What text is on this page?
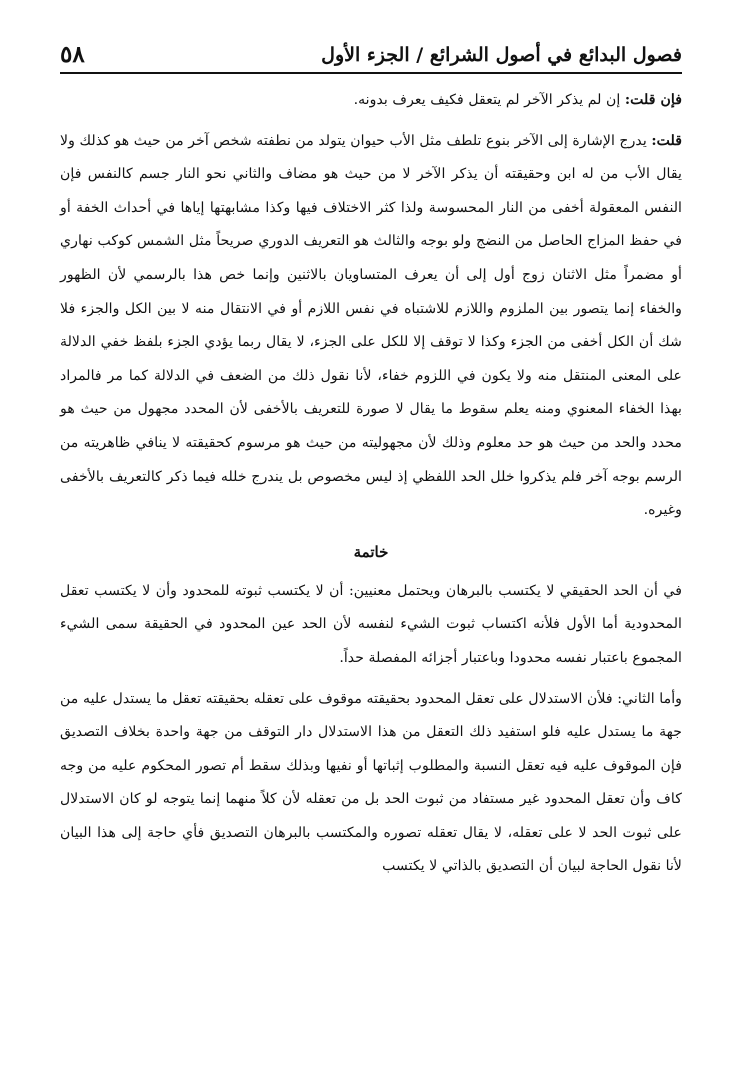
فصول البدائع في أصول الشرائع / الجزء الأول
٥٨

فإن قلت: إن لم يذكر الآخر لم يتعقل فكيف يعرف بدونه.

قلت: يدرج الإشارة إلى الآخر بنوع تلطف مثل الأب حيوان يتولد من نطفته شخص آخر من حيث هو كذلك ولا يقال الأب من له ابن وحقيقته أن يذكر الآخر لا من حيث هو مضاف والثاني نحو النار جسم كالنفس فإن النفس المعقولة أخفى من النار المحسوسة ولذا كثر الاختلاف فيها وكذا مشابهتها إياها في أحداث الخفة أو في حفظ المزاج الحاصل من النضج ولو بوجه والثالث هو التعريف الدوري صريحاً مثل الشمس كوكب نهاري أو مضمراً مثل الاثنان زوج أول إلى أن يعرف المتساويان بالاثنين وإنما خص هذا بالرسمي لأن الظهور والخفاء إنما يتصور بين الملزوم واللازم للاشتباه في نفس اللازم أو في الانتقال منه لا بين الكل والجزء فلا شك أن الكل أخفى من الجزء وكذا لا توقف إلا للكل على الجزء، لا يقال ربما يؤدي الجزء بلفظ خفي الدلالة على المعنى المنتقل منه ولا يكون في اللزوم خفاء، لأنا نقول ذلك من الضعف في الدلالة كما مر فالمراد بهذا الخفاء المعنوي ومنه يعلم سقوط ما يقال لا صورة للتعريف بالأخفى لأن المحدد مجهول من حيث هو محدد والحد من حيث هو حد معلوم وذلك لأن مجهوليته من حيث هو مرسوم كحقيقته لا ينافي ظاهريته من الرسم بوجه آخر فلم يذكروا خلل الحد اللفظي إذ ليس مخصوص بل يندرج خلله فيما ذكر كالتعريف بالأخفى وغيره.

خاتمة

في أن الحد الحقيقي لا يكتسب بالبرهان ويحتمل معنيين: أن لا يكتسب ثبوته للمحدود وأن لا يكتسب تعقل المحدودية أما الأول فلأنه اكتساب ثبوت الشيء لنفسه لأن الحد عين المحدود في الحقيقة سمى الشيء المجموع باعتبار نفسه محدودا وباعتبار أجزائه المفصلة حداً.

وأما الثاني: فلأن الاستدلال على تعقل المحدود بحقيقته موقوف على تعقله بحقيقته تعقل ما يستدل عليه من جهة ما يستدل عليه فلو استفيد ذلك التعقل من هذا الاستدلال دار التوقف من جهة واحدة بخلاف التصديق فإن الموقوف عليه فيه تعقل النسبة والمطلوب إثباتها أو نفيها وبذلك سقط أم تصور المحكوم عليه من وجه كاف وأن تعقل المحدود غير مستفاد من ثبوت الحد بل من تعقله لأن كلاً منهما إنما يتوجه لو كان الاستدلال على ثبوت الحد لا على تعقله، لا يقال تعقله تصوره والمكتسب بالبرهان التصديق فأي حاجة إلى هذا البيان لأنا نقول الحاجة لبيان أن التصديق بالذاتي لا يكتسب
